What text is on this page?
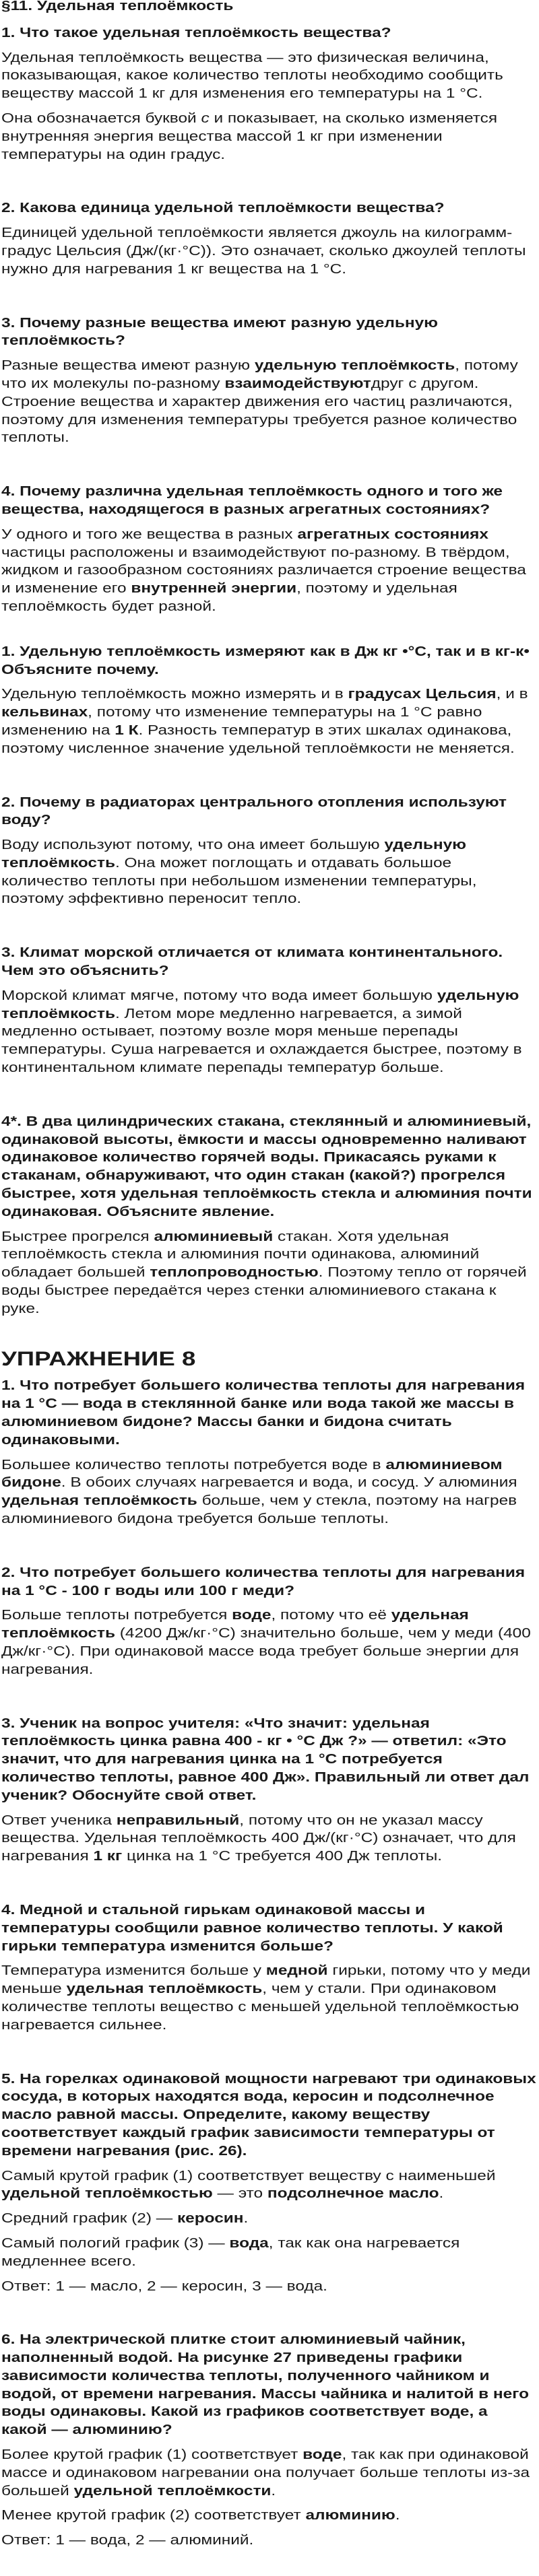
§11. Удельная теплоёмкость

1. Что такое удельная теплоёмкость вещества?

Удельная теплоёмкость вещества — это физическая величина, показывающая, какое количество теплоты необходимо сообщить веществу массой 1 кг для изменения его температуры на 1 °С.

Она обозначается буквой c и показывает, на сколько изменяется внутренняя энергия вещества массой 1 кг при изменении температуры на один градус.

2. Какова единица удельной теплоёмкости вещества?

Единицей удельной теплоёмкости является джоуль на килограмм-градус Цельсия (Дж/(кг·°С)). Это означает, сколько джоулей теплоты нужно для нагревания 1 кг вещества на 1 °С.

3. Почему разные вещества имеют разную удельную теплоёмкость?

Разные вещества имеют разную удельную теплоёмкость, потому что их молекулы по-разному взаимодействуютдруг с другом. Строение вещества и характер движения его частиц различаются, поэтому для изменения температуры требуется разное количество теплоты.

4. Почему различна удельная теплоёмкость одного и того же вещества, находящегося в разных агрегатных состояниях?

У одного и того же вещества в разных агрегатных состояниях частицы расположены и взаимодействуют по-разному. В твёрдом, жидком и газообразном состояниях различается строение вещества и изменение его внутренней энергии, поэтому и удельная теплоёмкость будет разной.

1. Удельную теплоёмкость измеряют как в Дж кг •°С, так и в кг-к• Объясните почему.

Удельную теплоёмкость можно измерять и в градусах Цельсия, и в кельвинах, потому что изменение температуры на 1 °С равно изменению на 1 К. Разность температур в этих шкалах одинакова, поэтому численное значение удельной теплоёмкости не меняется.

2. Почему в радиаторах центрального отопления используют воду?

Воду используют потому, что она имеет большую удельную теплоёмкость. Она может поглощать и отдавать большое количество теплоты при небольшом изменении температуры, поэтому эффективно переносит тепло.

3. Климат морской отличается от климата континентального. Чем это объяснить?

Морской климат мягче, потому что вода имеет большую удельную теплоёмкость. Летом море медленно нагревается, а зимой медленно остывает, поэтому возле моря меньше перепады температуры. Суша нагревается и охлаждается быстрее, поэтому в континентальном климате перепады температур больше.

4*. В два цилиндрических стакана, стеклянный и алюминиевый, одинаковой высоты, ёмкости и массы одновременно наливают одинаковое количество горячей воды. Прикасаясь руками к стаканам, обнаруживают, что один стакан (какой?) прогрелся быстрее, хотя удельная теплоёмкость стекла и алюминия почти одинаковая. Объясните явление.

Быстрее прогрелся алюминиевый стакан. Хотя удельная теплоёмкость стекла и алюминия почти одинакова, алюминий обладает большей теплопроводностью. Поэтому тепло от горячей воды быстрее передаётся через стенки алюминиевого стакана к руке.

УПРАЖНЕНИЕ 8

1. Что потребует большего количества теплоты для нагревания на 1 °С — вода в стеклянной банке или вода такой же массы в алюминиевом бидоне? Массы банки и бидона считать одинаковыми.

Большее количество теплоты потребуется воде в алюминиевом бидоне. В обоих случаях нагревается и вода, и сосуд. У алюминия удельная теплоёмкость больше, чем у стекла, поэтому на нагрев алюминиевого бидона требуется больше теплоты.

2. Что потребует большего количества теплоты для нагревания на 1 °С - 100 г воды или 100 г меди?

Больше теплоты потребуется воде, потому что её удельная теплоёмкость (4200 Дж/кг·°С) значительно больше, чем у меди (400 Дж/кг·°С). При одинаковой массе вода требует больше энергии для нагревания.

3. Ученик на вопрос учителя: «Что значит: удельная теплоёмкость цинка равна 400 - кг • °С Дж ?» — ответил: «Это значит, что для нагревания цинка на 1 °С потребуется количество теплоты, равное 400 Дж». Правильный ли ответ дал ученик? Обоснуйте свой ответ.

Ответ ученика неправильный, потому что он не указал массу вещества. Удельная теплоёмкость 400 Дж/(кг·°С) означает, что для нагревания 1 кг цинка на 1 °С требуется 400 Дж теплоты.

4. Медной и стальной гирькам одинаковой массы и температуры сообщили равное количество теплоты. У какой гирьки температура изменится больше?

Температура изменится больше у медной гирьки, потому что у меди меньше удельная теплоёмкость, чем у стали. При одинаковом количестве теплоты вещество с меньшей удельной теплоёмкостью нагревается сильнее.

5. На горелках одинаковой мощности нагревают три одинаковых сосуда, в которых находятся вода, керосин и подсолнечное масло равной массы. Определите, какому веществу соответствует каждый график зависимости температуры от времени нагревания (рис. 26).

Самый крутой график (1) соответствует веществу с наименьшей удельной теплоёмкостью — это подсолнечное масло.

Средний график (2) — керосин.

Самый пологий график (3) — вода, так как она нагревается медленнее всего.

Ответ: 1 — масло, 2 — керосин, 3 — вода.

6. На электрической плитке стоит алюминиевый чайник, наполненный водой. На рисунке 27 приведены графики зависимости количества теплоты, полученного чайником и водой, от времени нагревания. Массы чайника и налитой в него воды одинаковы. Какой из графиков соответствует воде, а какой — алюминию?

Более крутой график (1) соответствует воде, так как при одинаковой массе и одинаковом нагревании она получает больше теплоты из-за большей удельной теплоёмкости.

Менее крутой график (2) соответствует алюминию.

Ответ: 1 — вода, 2 — алюминий.
